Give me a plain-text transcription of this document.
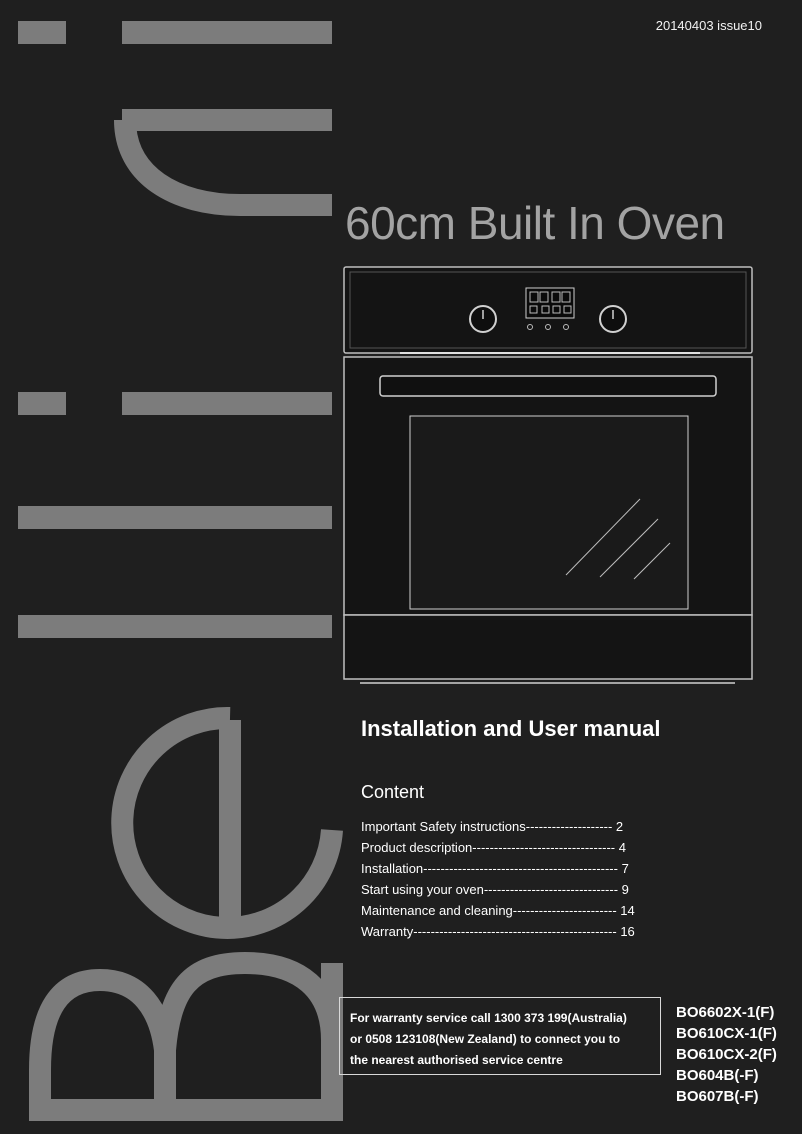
20140403 issue10
60cm Built In Oven
Installation and User manual
Content
Important Safety instructions-------------------- 2
Product description--------------------------------- 4
Installation--------------------------------------------- 7
Start using your oven------------------------------- 9
Maintenance and cleaning------------------------ 14
Warranty----------------------------------------------- 16
For warranty service call 1300 373 199(Australia)
or 0508 123108(New Zealand) to connect you to
the nearest authorised service centre
BO6602X-1(F)
BO610CX-1(F)
BO610CX-2(F)
BO604B(-F)
BO607B(-F)
